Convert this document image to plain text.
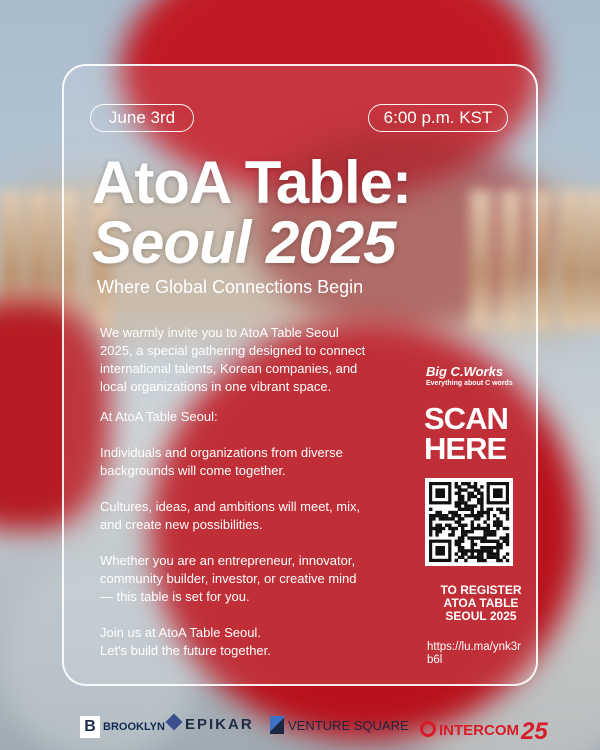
June 3rd	6:00 p.m. KST
AtoA Table:
Seoul 2025
Where Global Connections Begin

We warmly invite you to AtoA Table Seoul 2025, a special gathering designed to connect international talents, Korean companies, and local organizations in one vibrant space.

At AtoA Table Seoul:

Individuals and organizations from diverse backgrounds will come together.

Cultures, ideas, and ambitions will meet, mix, and create new possibilities.

Whether you are an entrepreneur, innovator, community builder, investor, or creative mind — this table is set for you.

Join us at AtoA Table Seoul.

Let's build the future together.

Big C.Works
Everything about C words
SCAN
HERE
TO REGISTER ATOA TABLE SEOUL 2025
https://lu.ma/ynk3rb6l
B BROOKLYN	EPIKAR	VENTURE SQUARE	INTERCOM25
